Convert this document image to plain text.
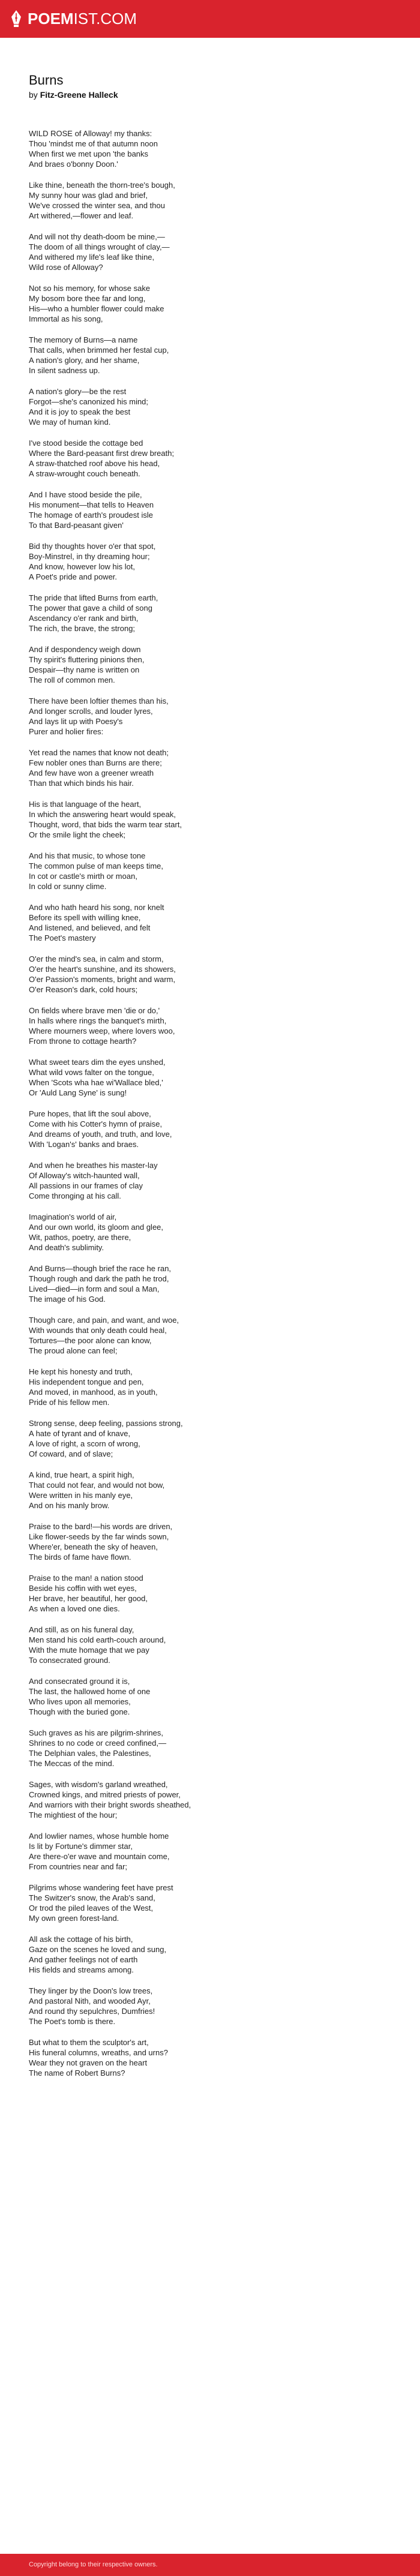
POEMIST.COM
Burns
by Fitz-Greene Halleck
WILD ROSE of Alloway! my thanks:
Thou 'mindst me of that autumn noon
When first we met upon 'the banks
And braes o'bonny Doon.'
Like thine, beneath the thorn-tree's bough,
My sunny hour was glad and brief,
We've crossed the winter sea, and thou
Art withered,—flower and leaf.
And will not thy death-doom be mine,—
The doom of all things wrought of clay,—
And withered my life's leaf like thine,
Wild rose of Alloway?
Not so his memory, for whose sake
My bosom bore thee far and long,
His—who a humbler flower could make
Immortal as his song,
The memory of Burns—a name
That calls, when brimmed her festal cup,
A nation's glory, and her shame,
In silent sadness up.
A nation's glory—be the rest
Forgot—she's canonized his mind;
And it is joy to speak the best
We may of human kind.
I've stood beside the cottage bed
Where the Bard-peasant first drew breath;
A straw-thatched roof above his head,
A straw-wrought couch beneath.
And I have stood beside the pile,
His monument—that tells to Heaven
The homage of earth's proudest isle
To that Bard-peasant given'
Bid thy thoughts hover o'er that spot,
Boy-Minstrel, in thy dreaming hour;
And know, however low his lot,
A Poet's pride and power.
The pride that lifted Burns from earth,
The power that gave a child of song
Ascendancy o'er rank and birth,
The rich, the brave, the strong;
And if despondency weigh down
Thy spirit's fluttering pinions then,
Despair—thy name is written on
The roll of common men.
There have been loftier themes than his,
And longer scrolls, and louder lyres,
And lays lit up with Poesy's
Purer and holier fires:
Yet read the names that know not death;
Few nobler ones than Burns are there;
And few have won a greener wreath
Than that which binds his hair.
His is that language of the heart,
In which the answering heart would speak,
Thought, word, that bids the warm tear start,
Or the smile light the cheek;
And his that music, to whose tone
The common pulse of man keeps time,
In cot or castle's mirth or moan,
In cold or sunny clime.
And who hath heard his song, nor knelt
Before its spell with willing knee,
And listened, and believed, and felt
The Poet's mastery
O'er the mind's sea, in calm and storm,
O'er the heart's sunshine, and its showers,
O'er Passion's moments, bright and warm,
O'er Reason's dark, cold hours;
On fields where brave men 'die or do,'
In halls where rings the banquet's mirth,
Where mourners weep, where lovers woo,
From throne to cottage hearth?
What sweet tears dim the eyes unshed,
What wild vows falter on the tongue,
When 'Scots wha hae wi'Wallace bled,'
Or 'Auld Lang Syne' is sung!
Pure hopes, that lift the soul above,
Come with his Cotter's hymn of praise,
And dreams of youth, and truth, and love,
With 'Logan's' banks and braes.
And when he breathes his master-lay
Of Alloway's witch-haunted wall,
All passions in our frames of clay
Come thronging at his call.
Imagination's world of air,
And our own world, its gloom and glee,
Wit, pathos, poetry, are there,
And death's sublimity.
And Burns—though brief the race he ran,
Though rough and dark the path he trod,
Lived—died—in form and soul a Man,
The image of his God.
Though care, and pain, and want, and woe,
With wounds that only death could heal,
Tortures—the poor alone can know,
The proud alone can feel;
He kept his honesty and truth,
His independent tongue and pen,
And moved, in manhood, as in youth,
Pride of his fellow men.
Strong sense, deep feeling, passions strong,
A hate of tyrant and of knave,
A love of right, a scorn of wrong,
Of coward, and of slave;
A kind, true heart, a spirit high,
That could not fear, and would not bow,
Were written in his manly eye,
And on his manly brow.
Praise to the bard!—his words are driven,
Like flower-seeds by the far winds sown,
Where'er, beneath the sky of heaven,
The birds of fame have flown.
Praise to the man! a nation stood
Beside his coffin with wet eyes,
Her brave, her beautiful, her good,
As when a loved one dies.
And still, as on his funeral day,
Men stand his cold earth-couch around,
With the mute homage that we pay
To consecrated ground.
And consecrated ground it is,
The last, the hallowed home of one
Who lives upon all memories,
Though with the buried gone.
Such graves as his are pilgrim-shrines,
Shrines to no code or creed confined,—
The Delphian vales, the Palestines,
The Meccas of the mind.
Sages, with wisdom's garland wreathed,
Crowned kings, and mitred priests of power,
And warriors with their bright swords sheathed,
The mightiest of the hour;
And lowlier names, whose humble home
Is lit by Fortune's dimmer star,
Are there-o'er wave and mountain come,
From countries near and far;
Pilgrims whose wandering feet have prest
The Switzer's snow, the Arab's sand,
Or trod the piled leaves of the West,
My own green forest-land.
All ask the cottage of his birth,
Gaze on the scenes he loved and sung,
And gather feelings not of earth
His fields and streams among.
They linger by the Doon's low trees,
And pastoral Nith, and wooded Ayr,
And round thy sepulchres, Dumfries!
The Poet's tomb is there.
But what to them the sculptor's art,
His funeral columns, wreaths, and urns?
Wear they not graven on the heart
The name of Robert Burns?
Copyright belong to their respective owners.
